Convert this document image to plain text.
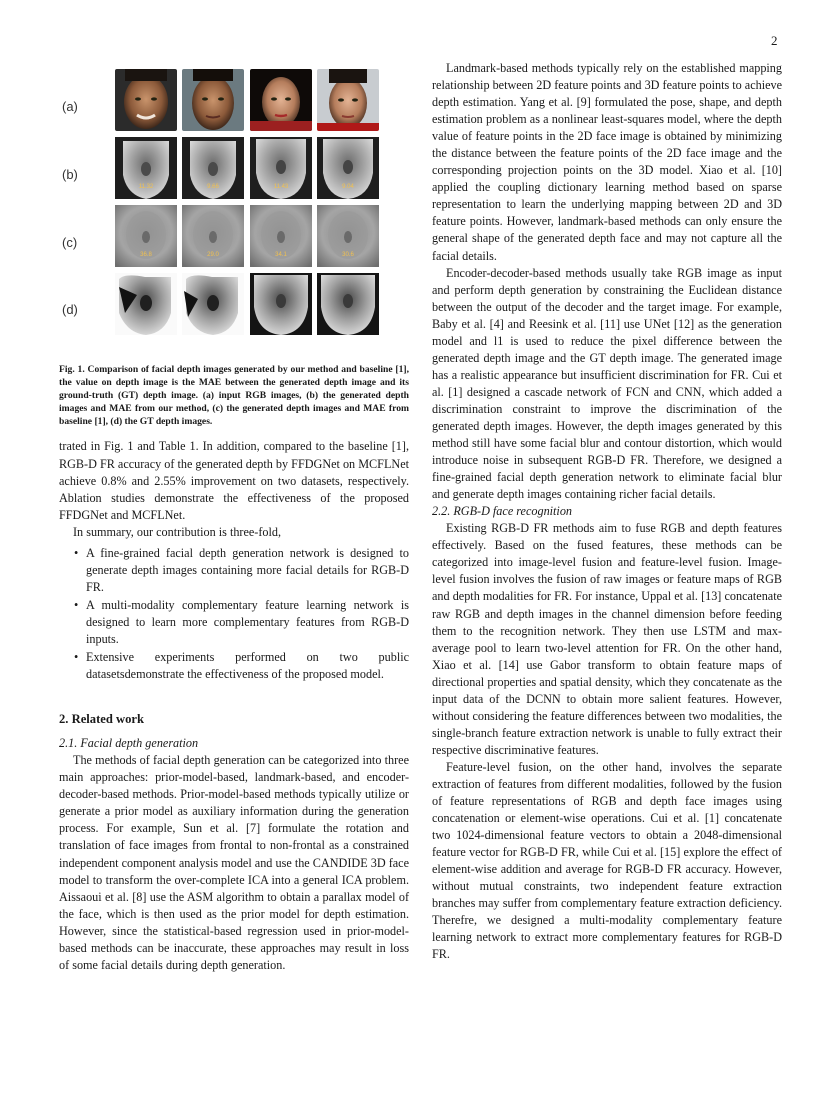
2
(a)
(b)
(c)
(d)
11.32	9.66	11.43	9.04
36.8	29.0	34.1	30.6
Fig. 1. Comparison of facial depth images generated by our method and baseline [1], the value on depth image is the MAE between the generated depth image and its ground-truth (GT) depth image. (a) input RGB images, (b) the generated depth images and MAE from our method, (c) the generated depth images and MAE from baseline [1], (d) the GT depth images.

trated in Fig. 1 and Table 1. In addition, compared to the baseline [1], RGB-D FR accuracy of the generated depth by FFDGNet on MCFLNet achieve 0.8% and 2.55% improvement on two datasets, respectively. Ablation studies demonstrate the effectiveness of the proposed FFDGNet and MCFLNet.

In summary, our contribution is three-fold,

• A fine-grained facial depth generation network is designed to generate depth images containing more facial details for RGB-D FR.
• A multi-modality complementary feature learning network is designed to learn more complementary features from RGB-D inputs.
• Extensive experiments performed on two public datasetsdemonstrate the effectiveness of the proposed model.
2. Related work
2.1. Facial depth generation

The methods of facial depth generation can be categorized into three main approaches: prior-model-based, landmark-based, and encoder-decoder-based methods. Prior-model-based methods typically utilize or generate a prior model as auxiliary information during the generation process. For example, Sun et al. [7] formulate the rotation and translation of face images from frontal to non-frontal as a constrained independent component analysis model and use the CANDIDE 3D face model to transform the over-complete ICA into a general ICA problem. Aissaoui et al. [8] use the ASM algorithm to obtain a parallax model of the face, which is then used as the prior model for depth estimation. However, since the statistical-based regression used in prior-model-based methods can be inaccurate, these approaches may result in loss of some facial details during depth generation.

Landmark-based methods typically rely on the established mapping relationship between 2D feature points and 3D feature points to achieve depth estimation. Yang et al. [9] formulated the pose, shape, and depth estimation problem as a nonlinear least-squares model, where the depth value of feature points in the 2D face image is obtained by minimizing the distance between the feature points of the 2D face image and the corresponding projection points on the 3D model. Xiao et al. [10] applied the coupling dictionary learning method based on sparse representation to learn the underlying mapping between 2D and 3D feature points. However, landmark-based methods can only ensure the general shape of the generated depth face and may not capture all the facial details.

Encoder-decoder-based methods usually take RGB image as input and perform depth generation by constraining the Euclidean distance between the output of the decoder and the target image. For example, Baby et al. [4] and Reesink et al. [11] use UNet [12] as the generation model and l1 is used to reduce the pixel difference between the generated depth image and the GT depth image. The generated image has a realistic appearance but insufficient discrimination for FR. Cui et al. [1] designed a cascade network of FCN and CNN, which added a discrimination constraint to improve the discrimination of the generated depth images. However, the depth images generated by this method still have some facial blur and contour distortion, which would introduce noise in subsequent RGB-D FR. Therefore, we designed a fine-grained facial depth generation network to eliminate facial blur and generate depth images containing richer facial details.

2.2. RGB-D face recognition

Existing RGB-D FR methods aim to fuse RGB and depth features effectively. Based on the fused features, these methods can be categorized into image-level fusion and feature-level fusion. Image-level fusion involves the fusion of raw images or feature maps of RGB and depth modalities for FR. For instance, Uppal et al. [13] concatenate raw RGB and depth images in the channel dimension before feeding them to the recognition network. They then use LSTM and max-average pool to learn two-level attention for FR. On the other hand, Xiao et al. [14] use Gabor transform to obtain feature maps of directional properties and spatial density, which they concatenate as the input data of the DCNN to obtain more salient features. However, without considering the feature differences between two modalities, the single-branch feature extraction network is unable to fully extract their respective discriminative features.

Feature-level fusion, on the other hand, involves the separate extraction of features from different modalities, followed by the fusion of feature representations of RGB and depth face images using concatenation or element-wise operations. Cui et al. [1] concatenate two 1024-dimensional feature vectors to obtain a 2048-dimensional feature vector for RGB-D FR, while Cui et al. [15] explore the effect of element-wise addition and average for RGB-D FR accuracy. However, without mutual constraints, two independent feature extraction branches may suffer from complementary feature extraction deficiency. Therefre, we designed a multi-modality complementary feature learning network to extract more complementary features for RGB-D FR.
